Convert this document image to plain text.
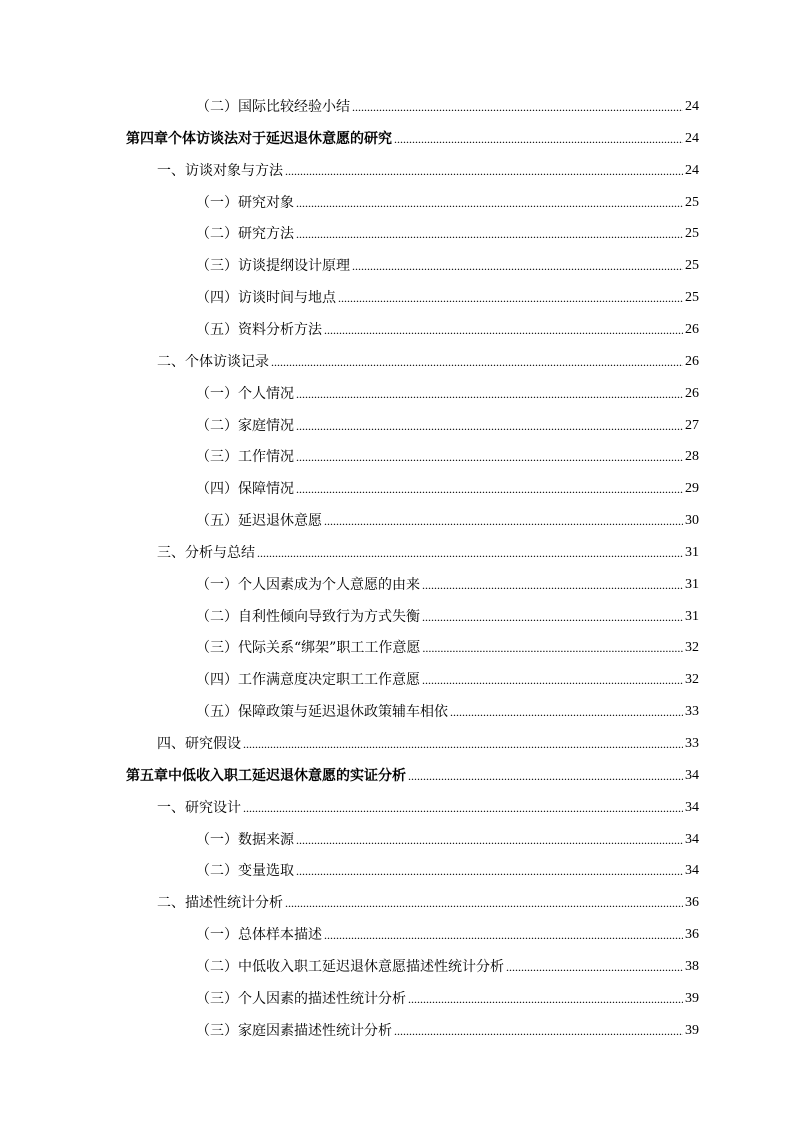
（二）国际比较经验小结 .....	24
第四章个体访谈法对于延迟退休意愿的研究 .....	24
一、访谈对象与方法 .....	24
（一）研究对象 .....	25
（二）研究方法 .....	25
（三）访谈提纲设计原理 .....	25
（四）访谈时间与地点 .....	25
（五）资料分析方法 .....	26
二、个体访谈记录 .....	26
（一）个人情况 .....	26
（二）家庭情况 .....	27
（三）工作情况 .....	28
（四）保障情况 .....	29
（五）延迟退休意愿 .....	30
三、分析与总结 .....	31
（一）个人因素成为个人意愿的由来 .....	31
（二）自利性倾向导致行为方式失衡 .....	31
（三）代际关系“绑架”职工工作意愿 .....	32
（四）工作满意度决定职工工作意愿 .....	32
（五）保障政策与延迟退休政策辅车相依 .....	33
四、研究假设 .....	33
第五章中低收入职工延迟退休意愿的实证分析 .....	34
一、研究设计 .....	34
（一）数据来源 .....	34
（二）变量选取 .....	34
二、描述性统计分析 .....	36
（一）总体样本描述 .....	36
（二）中低收入职工延迟退休意愿描述性统计分析 .....	38
（三）个人因素的描述性统计分析 .....	39
（三）家庭因素描述性统计分析 .....	39
